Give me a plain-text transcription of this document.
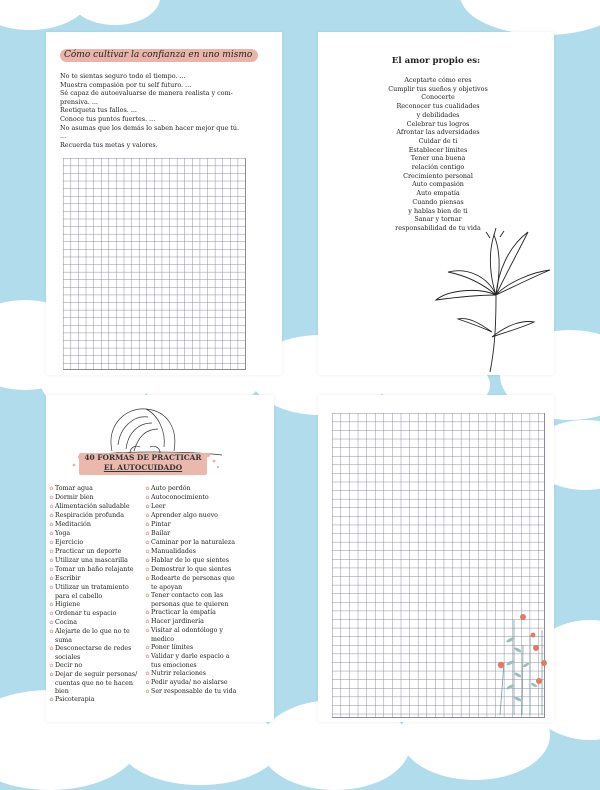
Cómo cultivar la confianza en uno mismo
No te sientas seguro todo el tiempo. ...
Muestra compasión por tu self futuro. ...
Sé capaz de autoevaluarse de manera realista y com-
prensiva. ...
Reetiqueta tus fallos. ...
Conoce tus puntos fuertes. ...
No asumas que los demás lo saben hacer mejor que tú.
...
Recuerda tus metas y valores.
El amor propio es:
Aceptarte cómo eres
Cumplir tus sueños y objetivos
Conocerte
Reconocer tus cualidades
y debilidades
Celebrar tus logros
Afrontar las adversidades
Cuidar de ti
Establecer límites
Tener una buena
relación contigo
Crecimiento personal
Auto compasión
Auto empatía
Cuando piensas
y hablas bien de ti
Sanar y tornar
responsabilidad de tu vida
40 FORMAS DE PRACTICAR
EL AUTOCUIDADO
✿Tomar agua
✿Dormir bien
✿Alimentación saludable
✿Respiración profunda
✿Meditación
✿Yoga
✿Ejercicio
✿Practicar un deporte
✿Utilizar una mascarilla
✿Tomar un baño relajante
✿Escribir
✿Utilizar un tratamiento
para el cabello
✿Higiene
✿Ordenar tu espacio
✿Cocina
✿Alejarte de lo que no te
suma
✿Desconectarse de redes
sociales
✿Decir no
✿Dejar de seguir personas/
cuentas que no te hacen
bien
✿Psicoterapia
✿Auto perdón
✿Autoconocimiento
✿Leer
✿Aprender algo nuevo
✿Pintar
✿Bailar
✿Caminar por la naturaleza
✿Manualidades
✿Hablar de lo que sientes
✿Demostrar lo que sientes
✿Rodearte de personas que
te apoyan
✿Tener contacto con las
personas que te quieren
✿Practicar la empatía
✿Hacer jardinería
✿Visitar al odontólogo y
medico
✿Poner límites
✿Validar y darle espacio a
tus emociones
✿Nutrir relaciones
✿Pedir ayuda/ no aislarse
✿Ser responsable de tu vida
